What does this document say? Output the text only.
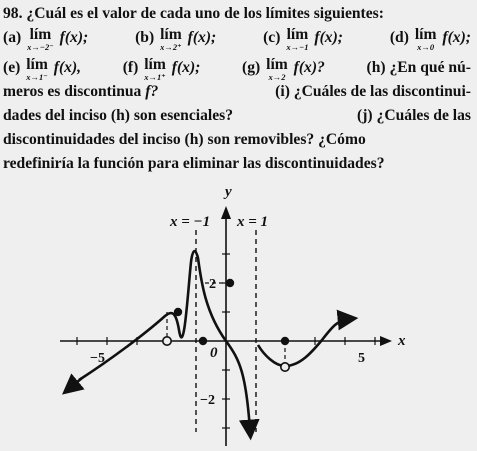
98.
¿Cuál es el valor de cada uno de los límites siguientes:
(a) lím
x→−2⁻
f(x);	(b) lím
x→2⁺
f(x);	(c) lím
x→−1
f(x);	(d) lím
x→0
f(x);
(e) lím
x→1⁻
f(x),	(f) lím
x→1⁺
f(x);	(g) lím
x→2
f(x)?	(h) ¿En qué nú-
meros es discontinua f?	(i) ¿Cuáles de las discontinui-
dades del inciso (h) son esenciales?	(j) ¿Cuáles de las
discontinuidades del inciso (h) son removibles? ¿Cómo
redefiniría la función para eliminar las discontinuidades?
y
x
x = −1 x = 1
−5	5
2
−2
0
